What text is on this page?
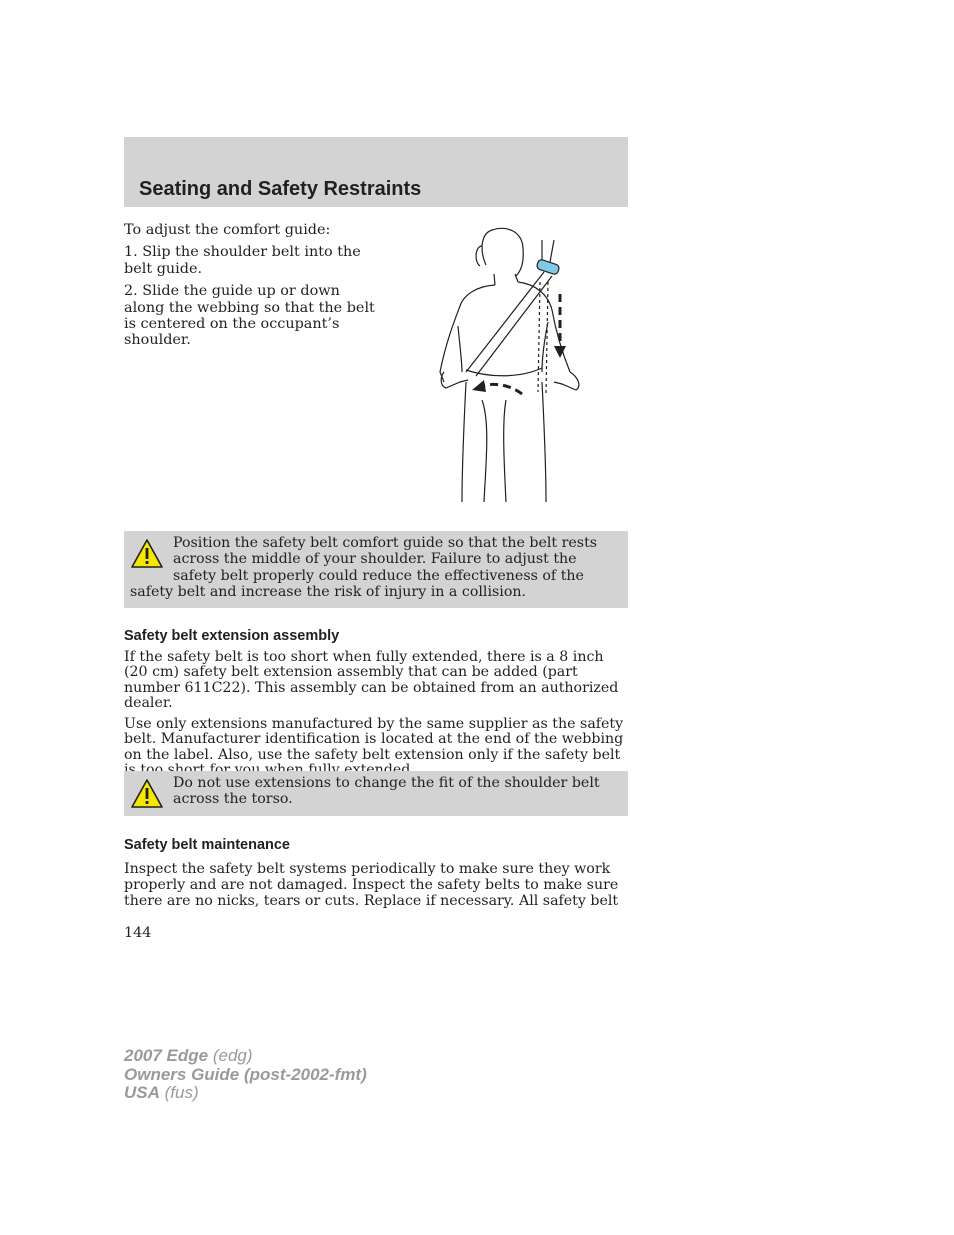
Seating and Safety Restraints

To adjust the comfort guide:

1. Slip the shoulder belt into the belt guide.

2. Slide the guide up or down along the webbing so that the belt is centered on the occupant’s shoulder.

Position the safety belt comfort guide so that the belt rests across the middle of your shoulder. Failure to adjust the safety belt properly could reduce the effectiveness of the safety belt and increase the risk of injury in a collision.
Safety belt extension assembly

If the safety belt is too short when fully extended, there is a 8 inch (20 cm) safety belt extension assembly that can be added (part number 611C22). This assembly can be obtained from an authorized dealer.

Use only extensions manufactured by the same supplier as the safety belt. Manufacturer identification is located at the end of the webbing on the label. Also, use the safety belt extension only if the safety belt

Do not use extensions to change the fit of the shoulder belt across the torso.
Safety belt maintenance
Inspect the safety belt systems periodically to make sure they work properly and are not damaged. Inspect the safety belts to make sure there are no nicks, tears or cuts. Replace if necessary. All safety belt
144
2007 Edge (edg)
Owners Guide (post-2002-fmt)
USA (fus)
